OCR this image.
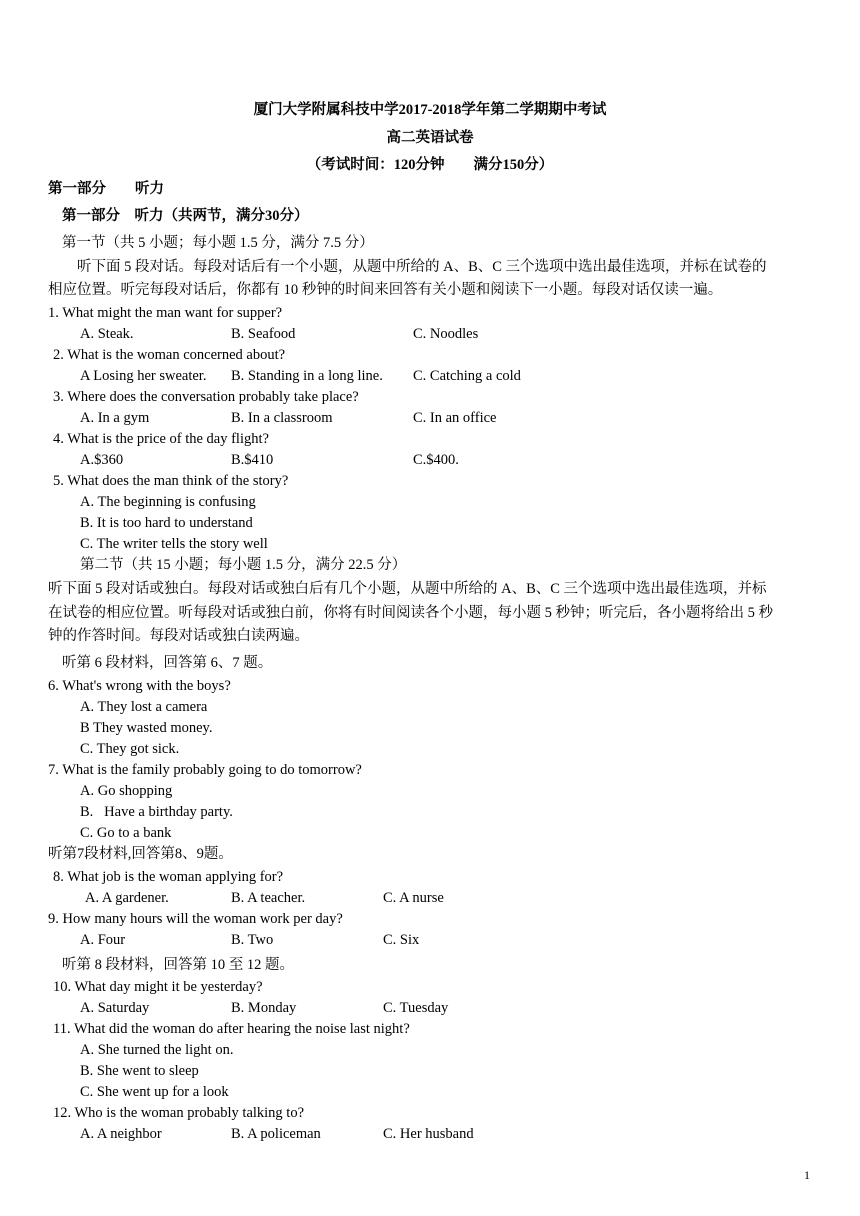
厦门大学附属科技中学2017-2018学年第二学期期中考试
高二英语试卷
（考试时间：120分钟　　满分150分）
第一部分　　听力
第一部分　听力（共两节，满分30分）
第一节（共 5 小题；每小题 1.5 分，满分 7.5 分）
　　听下面 5 段对话。每段对话后有一个小题，从题中所给的 A、B、C 三个选项中选出最佳选项，并标在试卷的
相应位置。听完每段对话后，你都有 10 秒钟的时间来回答有关小题和阅读下一小题。每段对话仅读一遍。
1. What might the man want for supper?
A. Steak.	B. Seafood	C. Noodles
2. What is the woman concerned about?
A Losing her sweater. B. Standing in a long line. C. Catching a cold
3. Where does the conversation probably take place?
A. In a gym	B. In a classroom	C. In an office
4. What is the price of the day flight?
A.$360	B.$410	C.$400.
5. What does the man think of the story?
A. The beginning is confusing
B. It is too hard to understand
C. The writer tells the story well
第二节（共 15 小题；每小题 1.5 分，满分 22.5 分）
听下面 5 段对话或独白。每段对话或独白后有几个小题，从题中所给的 A、B、C 三个选项中选出最佳选项，并标
在试卷的相应位置。听每段对话或独白前，你将有时间阅读各个小题，每小题 5 秒钟；听完后，各小题将给出 5 秒
钟的作答时间。每段对话或独白读两遍。
听第 6 段材料，回答第 6、7 题。
6. What's wrong with the boys?
A. They lost a camera
B They wasted money.
C. They got sick.
7. What is the family probably going to do tomorrow?
A. Go shopping
B.   Have a birthday party.
C. Go to a bank
听第7段材料,回答第8、9题。
8. What job is the woman applying for?
A. A gardener.	B. A teacher.	C. A nurse
9. How many hours will the woman work per day?
A. Four	B. Two	C. Six
听第 8 段材料，回答第 10 至 12 题。
10. What day might it be yesterday?
A. Saturday	B. Monday	C. Tuesday
11. What did the woman do after hearing the noise last night?
A. She turned the light on.
B. She went to sleep
C. She went up for a look
12. Who is the woman probably talking to?
A. A neighbor	B. A policeman	C. Her husband
1
